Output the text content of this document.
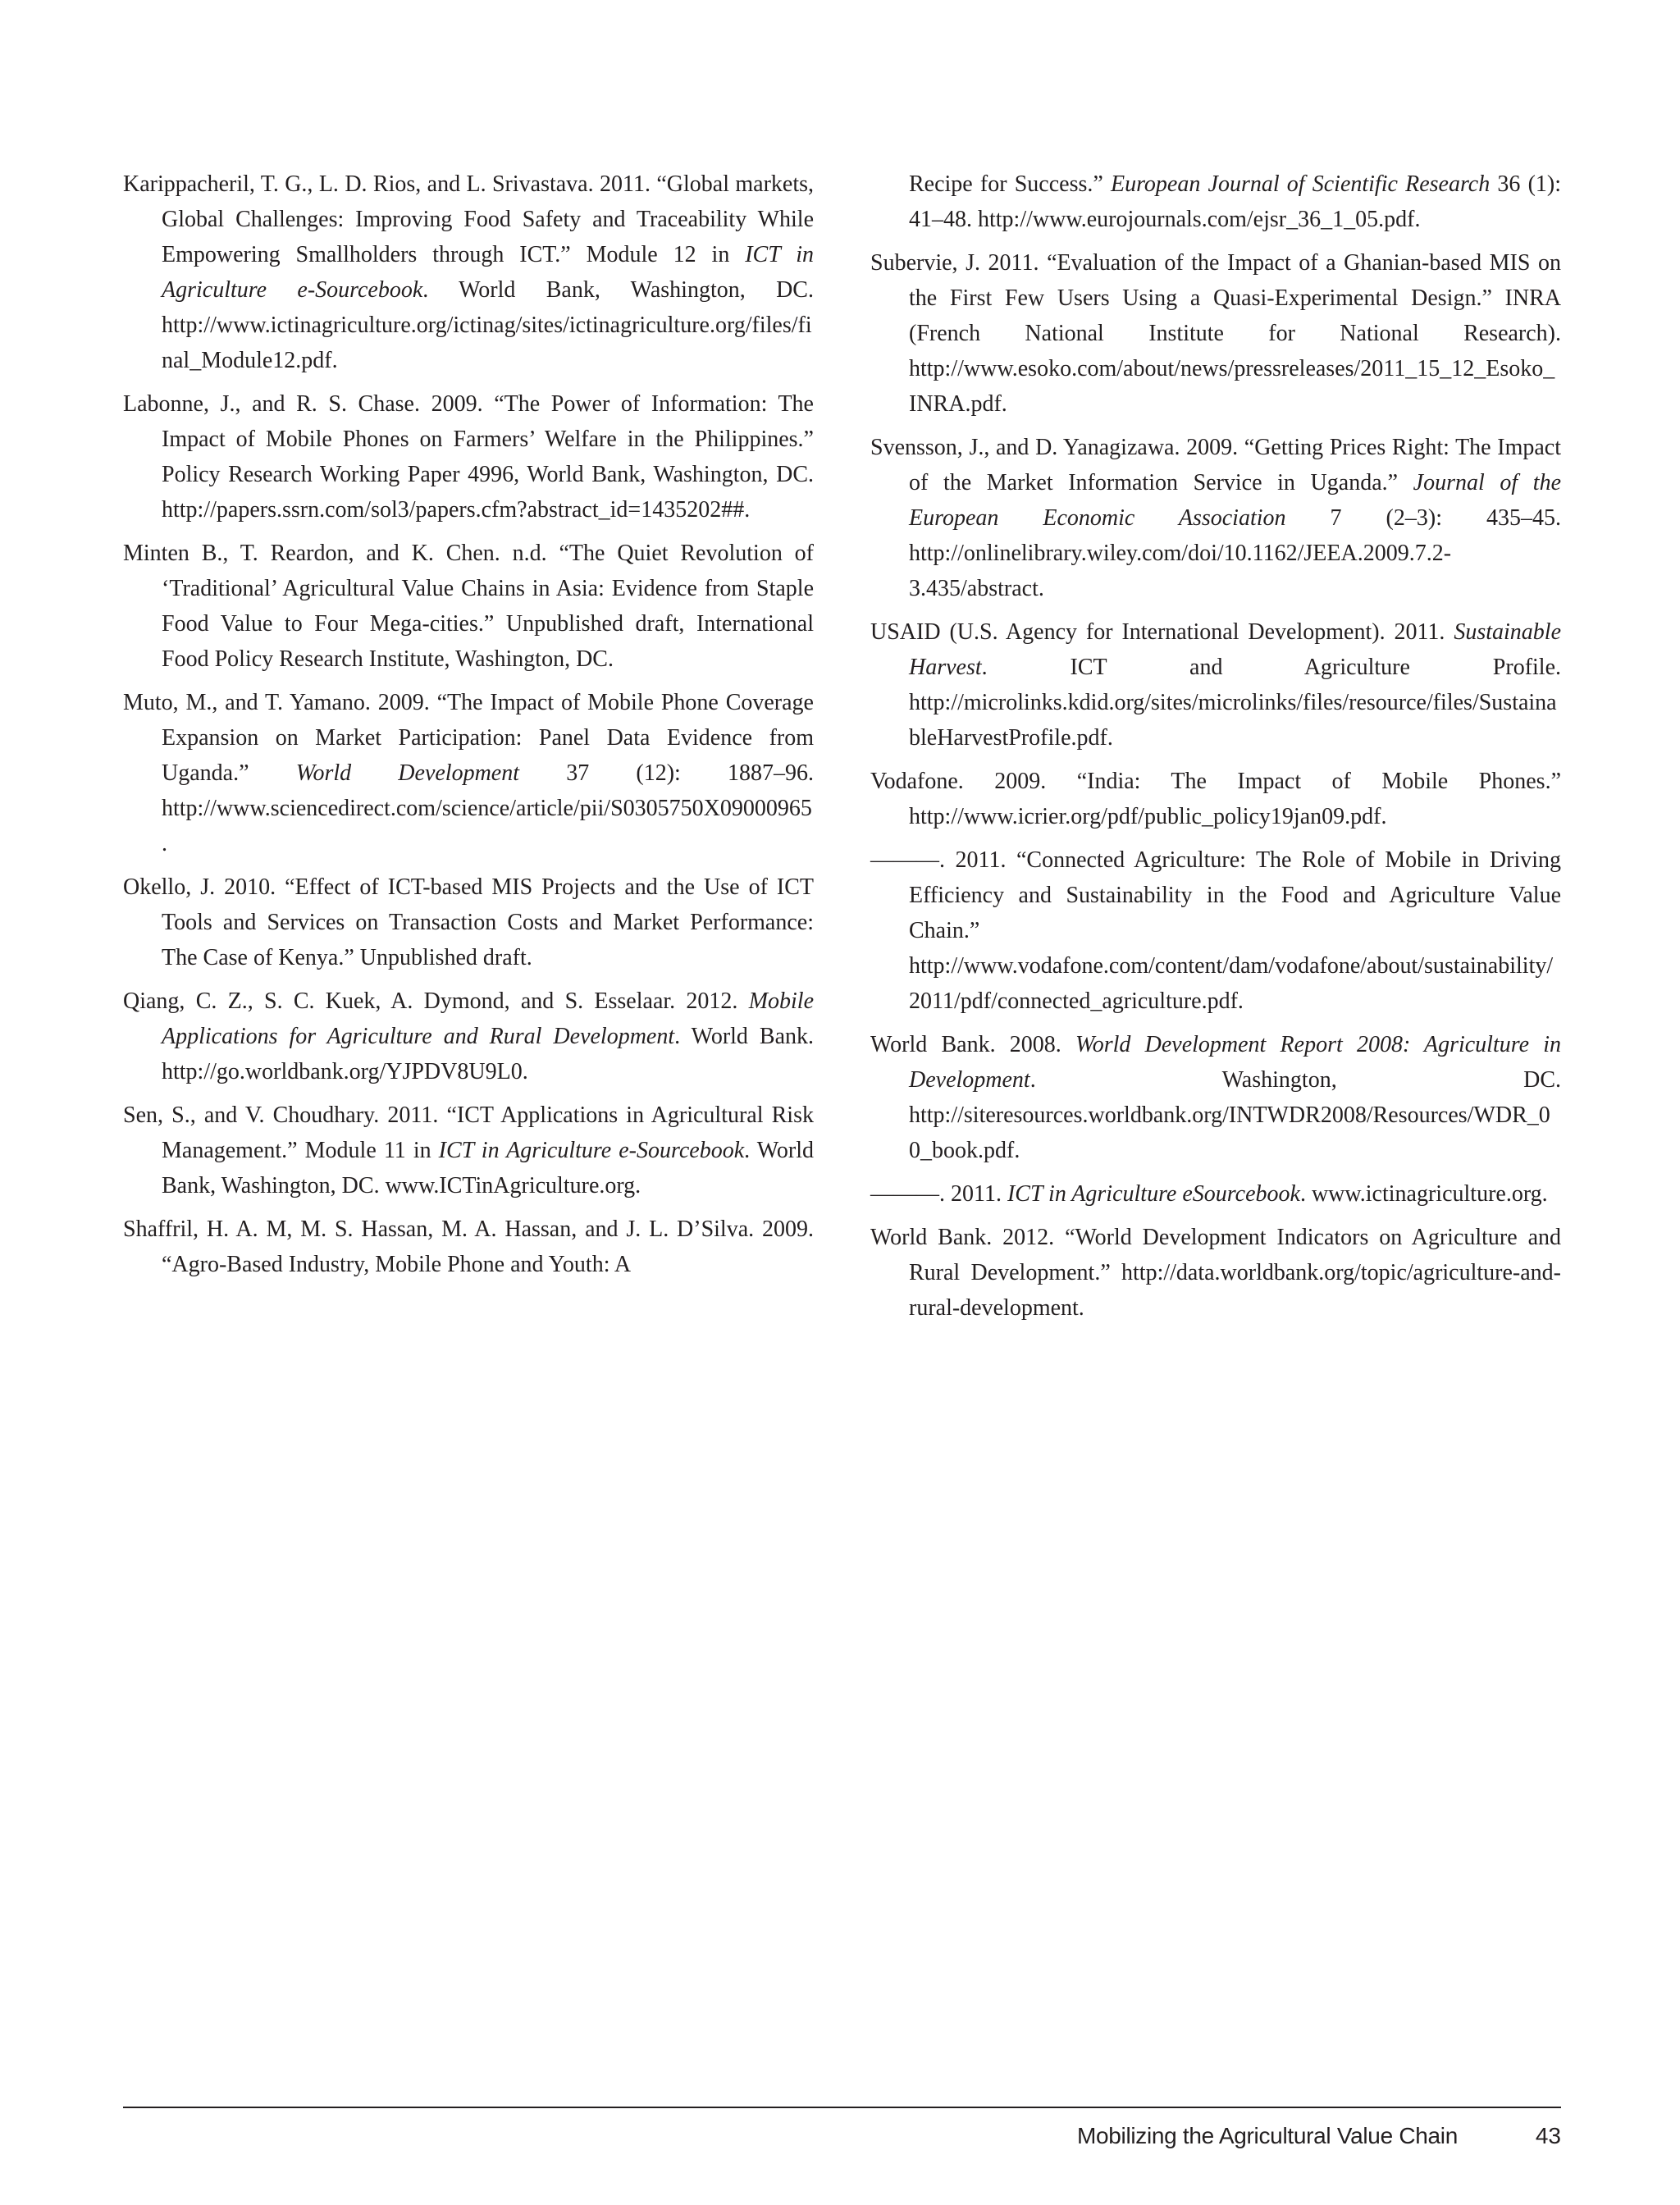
Karippacheril, T. G., L. D. Rios, and L. Srivastava. 2011. “Global markets, Global Challenges: Improving Food Safety and Traceability While Empowering Smallholders through ICT.” Module 12 in ICT in Agriculture e-Sourcebook. World Bank, Washington, DC. http://www.ictinagriculture.org/ictinag/sites/ictinagriculture.org/files/final_Module12.pdf.

Labonne, J., and R. S. Chase. 2009. “The Power of Information: The Impact of Mobile Phones on Farmers’ Welfare in the Philippines.” Policy Research Working Paper 4996, World Bank, Washington, DC. http://papers.ssrn.com/sol3/papers.cfm?abstract_id=1435202##.

Minten B., T. Reardon, and K. Chen. n.d. “The Quiet Revolution of ‘Traditional’ Agricultural Value Chains in Asia: Evidence from Staple Food Value to Four Mega-cities.” Unpublished draft, International Food Policy Research Institute, Washington, DC.

Muto, M., and T. Yamano. 2009. “The Impact of Mobile Phone Coverage Expansion on Market Participation: Panel Data Evidence from Uganda.” World Development 37 (12): 1887–96. http://www.sciencedirect.com/science/article/pii/S0305750X09000965.

Okello, J. 2010. “Effect of ICT-based MIS Projects and the Use of ICT Tools and Services on Transaction Costs and Market Performance: The Case of Kenya.” Unpublished draft.

Qiang, C. Z., S. C. Kuek, A. Dymond, and S. Esselaar. 2012. Mobile Applications for Agriculture and Rural Development. World Bank. http://go.worldbank.org/YJPDV8U9L0.

Sen, S., and V. Choudhary. 2011. “ICT Applications in Agricultural Risk Management.” Module 11 in ICT in Agriculture e-Sourcebook. World Bank, Washington, DC. www.ICTinAgriculture.org.

Shaffril, H. A. M, M. S. Hassan, M. A. Hassan, and J. L. D’Silva. 2009. “Agro-Based Industry, Mobile Phone and Youth: A

Recipe for Success.” European Journal of Scientific Research 36 (1): 41–48. http://www.eurojournals.com/ejsr_36_1_05.pdf.

Subervie, J. 2011. “Evaluation of the Impact of a Ghanian-based MIS on the First Few Users Using a Quasi-Experimental Design.” INRA (French National Institute for National Research). http://www.esoko.com/about/news/pressreleases/2011_15_12_Esoko_INRA.pdf.

Svensson, J., and D. Yanagizawa. 2009. “Getting Prices Right: The Impact of the Market Information Service in Uganda.” Journal of the European Economic Association 7 (2–3): 435–45. http://onlinelibrary.wiley.com/doi/10.1162/JEEA.2009.7.2-3.435/abstract.

USAID (U.S. Agency for International Development). 2011. Sustainable Harvest. ICT and Agriculture Profile. http://microlinks.kdid.org/sites/microlinks/files/resource/files/SustainableHarvestProfile.pdf.

Vodafone. 2009. “India: The Impact of Mobile Phones.” http://www.icrier.org/pdf/public_policy19jan09.pdf.

———. 2011. “Connected Agriculture: The Role of Mobile in Driving Efficiency and Sustainability in the Food and Agriculture Value Chain.” http://www.vodafone.com/content/dam/vodafone/about/sustainability/2011/pdf/connected_agriculture.pdf.

World Bank. 2008. World Development Report 2008: Agriculture in Development. Washington, DC. http://siteresources.worldbank.org/INTWDR2008/Resources/WDR_00_book.pdf.

———. 2011. ICT in Agriculture eSourcebook. www.ictinagriculture.org.

World Bank. 2012. “World Development Indicators on Agriculture and Rural Development.” http://data.worldbank.org/topic/agriculture-and-rural-development.

Mobilizing the Agricultural Value Chain	43
